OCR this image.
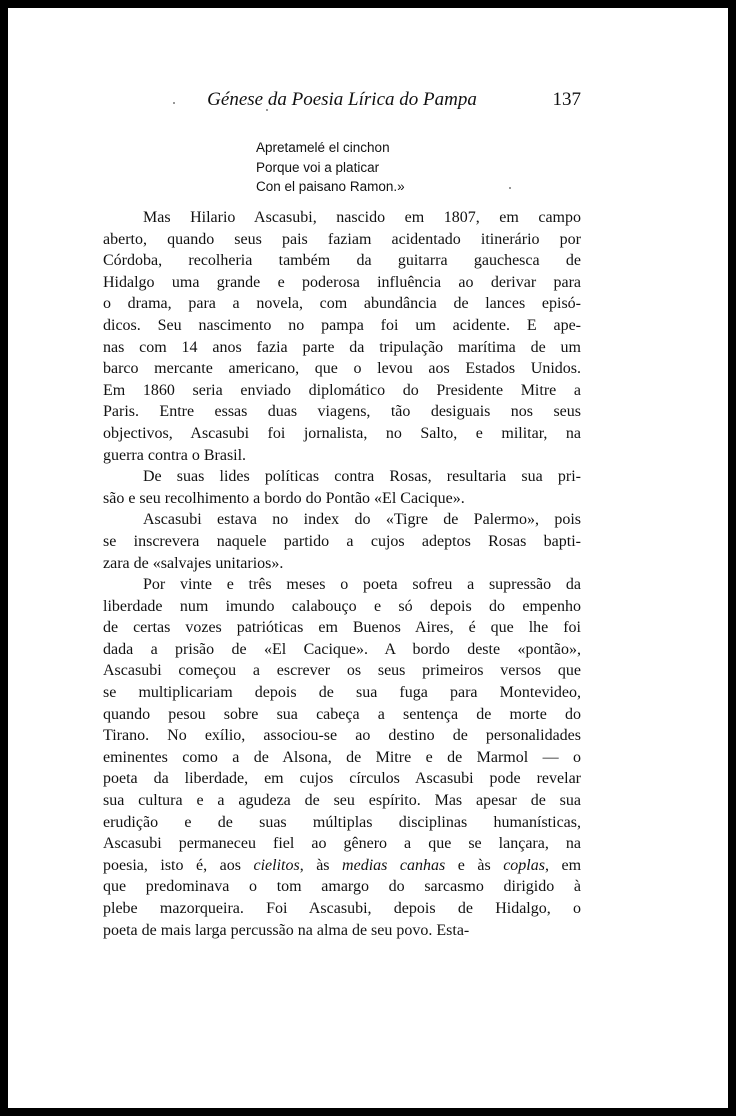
Génese da Poesia Lírica do Pampa	137
Apretamelé el cinchon
Porque voi a platicar
Con el paisano Ramon.»
Mas Hilario Ascasubi, nascido em 1807, em campo
aberto, quando seus pais faziam acidentado itinerário por
Córdoba, recolheria também da guitarra gauchesca de
Hidalgo uma grande e poderosa influência ao derivar para
o drama, para a novela, com abundância de lances episó-
dicos. Seu nascimento no pampa foi um acidente. E ape-
nas com 14 anos fazia parte da tripulação marítima de um
barco mercante americano, que o levou aos Estados Unidos.
Em 1860 seria enviado diplomático do Presidente Mitre a
Paris. Entre essas duas viagens, tão desiguais nos seus
objectivos, Ascasubi foi jornalista, no Salto, e militar, na
guerra contra o Brasil.
De suas lides políticas contra Rosas, resultaria sua pri-
são e seu recolhimento a bordo do Pontão «El Cacique».
Ascasubi estava no index do «Tigre de Palermo», pois
se inscrevera naquele partido a cujos adeptos Rosas bapti-
zara de «salvajes unitarios».
Por vinte e três meses o poeta sofreu a supressão da
liberdade num imundo calabouço e só depois do empenho
de certas vozes patrióticas em Buenos Aires, é que lhe foi
dada a prisão de «El Cacique». A bordo deste «pontão»,
Ascasubi começou a escrever os seus primeiros versos que
se multiplicariam depois de sua fuga para Montevideo,
quando pesou sobre sua cabeça a sentença de morte do
Tirano. No exílio, associou-se ao destino de personalidades
eminentes como a de Alsona, de Mitre e de Marmol — o
poeta da liberdade, em cujos círculos Ascasubi pode revelar
sua cultura e a agudeza de seu espírito. Mas apesar de sua
erudição e de suas múltiplas disciplinas humanísticas,
Ascasubi permaneceu fiel ao gênero a que se lançara, na
poesia, isto é, aos cielitos, às medias canhas e às coplas, em
que predominava o tom amargo do sarcasmo dirigido à
plebe mazorqueira. Foi Ascasubi, depois de Hidalgo, o
poeta de mais larga percussão na alma de seu povo. Esta-
